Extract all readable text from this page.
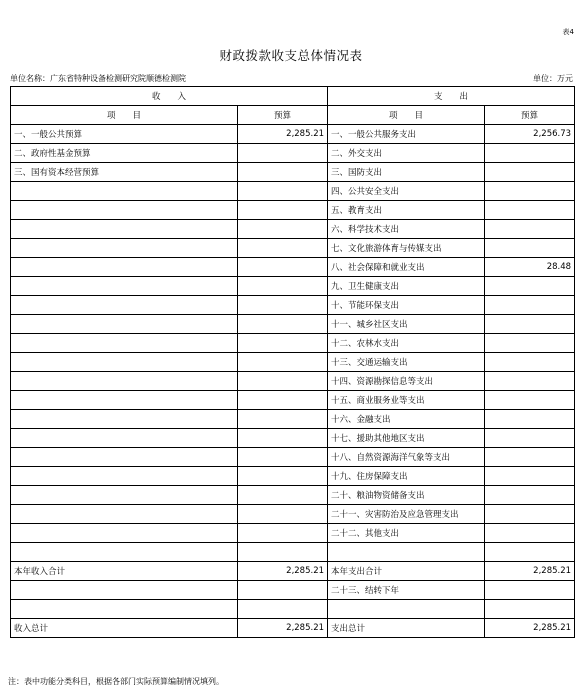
表4
财政拨款收支总体情况表
单位名称：广东省特种设备检测研究院顺德检测院	单位：万元
收　　入		支　　出	
项　　目	预算	项　　目	预算
一、一般公共预算	2,285.21	一、一般公共服务支出	2,256.73
二、政府性基金预算		二、外交支出	
三、国有资本经营预算		三、国防支出	
		四、公共安全支出	
		五、教育支出	
		六、科学技术支出	
		七、文化旅游体育与传媒支出	
		八、社会保障和就业支出	28.48
		九、卫生健康支出	
		十、节能环保支出	
		十一、城乡社区支出	
		十二、农林水支出	
		十三、交通运输支出	
		十四、资源勘探信息等支出	
		十五、商业服务业等支出	
		十六、金融支出	
		十七、援助其他地区支出	
		十八、自然资源海洋气象等支出	
		十九、住房保障支出	
		二十、粮油物资储备支出	
		二十一、灾害防治及应急管理支出	
		二十二、其他支出	

本年收入合计	2,285.21	本年支出合计	2,285.21
		二十三、结转下年	

收入总计	2,285.21	支出总计	2,285.21
注：表中功能分类科目，根据各部门实际预算编制情况填列。
